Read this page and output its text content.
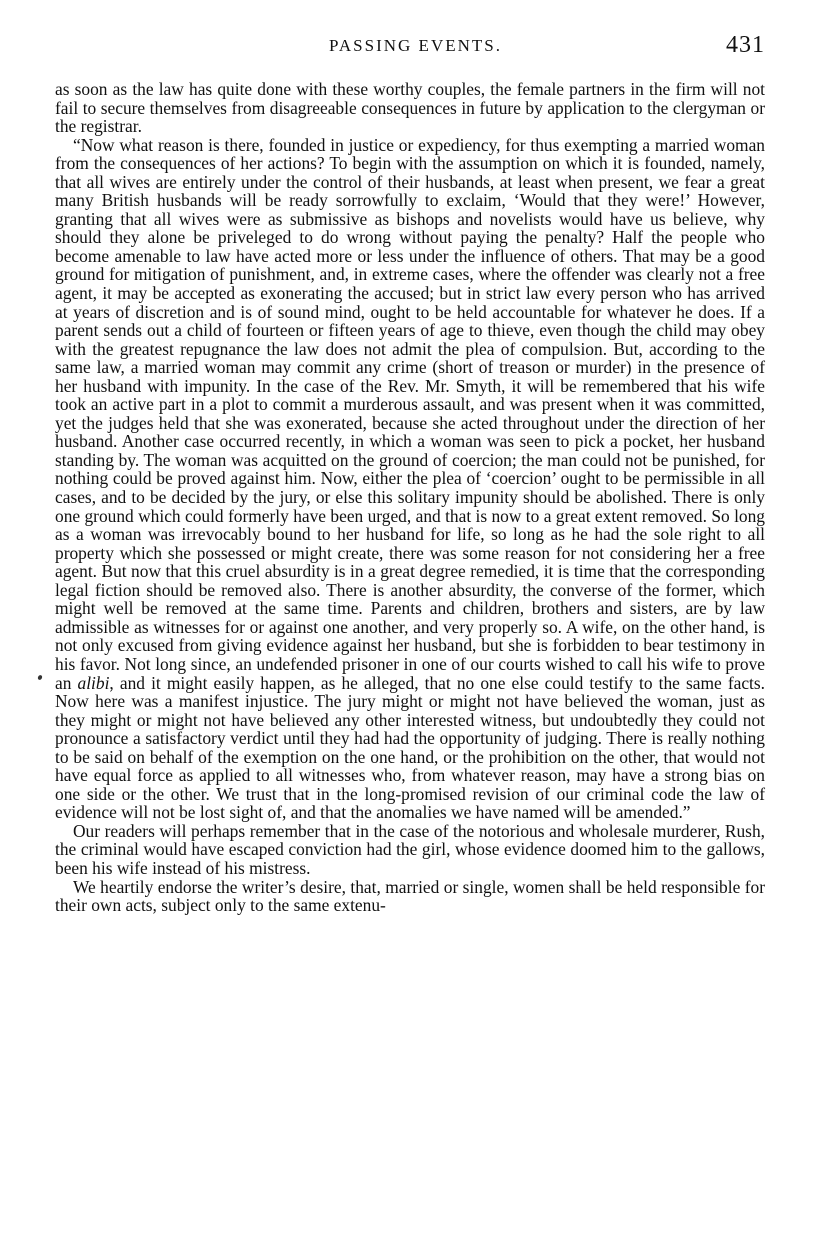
PASSING EVENTS.	431

as soon as the law has quite done with these worthy couples, the female partners in the firm will not fail to secure themselves from disagreeable consequences in future by application to the clergyman or the registrar.

“Now what reason is there, founded in justice or expediency, for thus exempting a married woman from the consequences of her actions? To begin with the assumption on which it is founded, namely, that all wives are entirely under the control of their husbands, at least when present, we fear a great many British husbands will be ready sorrowfully to exclaim, ‘Would that they were!’ However, granting that all wives were as submissive as bishops and novelists would have us believe, why should they alone be priveleged to do wrong without paying the penalty? Half the people who become amenable to law have acted more or less under the influence of others. That may be a good ground for mitigation of punishment, and, in extreme cases, where the offender was clearly not a free agent, it may be accepted as exonerating the accused; but in strict law every person who has arrived at years of discretion and is of sound mind, ought to be held accountable for whatever he does. If a parent sends out a child of fourteen or fifteen years of age to thieve, even though the child may obey with the greatest repugnance the law does not admit the plea of compulsion. But, according to the same law, a married woman may commit any crime (short of treason or murder) in the presence of her husband with impunity. In the case of the Rev. Mr. Smyth, it will be remembered that his wife took an active part in a plot to commit a murderous assault, and was present when it was committed, yet the judges held that she was exonerated, because she acted throughout under the direction of her husband. Another case occurred recently, in which a woman was seen to pick a pocket, her husband standing by. The woman was acquitted on the ground of coercion; the man could not be punished, for nothing could be proved against him. Now, either the plea of ‘coercion’ ought to be permissible in all cases, and to be decided by the jury, or else this solitary impunity should be abolished. There is only one ground which could formerly have been urged, and that is now to a great extent removed. So long as a woman was irrevocably bound to her husband for life, so long as he had the sole right to all property which she possessed or might create, there was some reason for not considering her a free agent. But now that this cruel absurdity is in a great degree remedied, it is time that the corresponding legal fiction should be removed also. There is another absurdity, the converse of the former, which might well be removed at the same time. Parents and children, brothers and sisters, are by law admissible as witnesses for or against one another, and very properly so. A wife, on the other hand, is not only excused from giving evidence against her husband, but she is forbidden to bear testimony in his favor. Not long since, an undefended prisoner in one of our courts wished to call his wife to prove an alibi, and it might easily happen, as he alleged, that no one else could testify to the same facts. Now here was a manifest injustice. The jury might or might not have believed the woman, just as they might or might not have believed any other interested witness, but undoubtedly they could not pronounce a satisfactory verdict until they had had the opportunity of judging. There is really nothing to be said on behalf of the exemption on the one hand, or the prohibition on the other, that would not have equal force as applied to all witnesses who, from whatever reason, may have a strong bias on one side or the other. We trust that in the long-promised revision of our criminal code the law of evidence will not be lost sight of, and that the anomalies we have named will be amended.”

Our readers will perhaps remember that in the case of the notorious and wholesale murderer, Rush, the criminal would have escaped conviction had the girl, whose evidence doomed him to the gallows, been his wife instead of his mistress.

We heartily endorse the writer’s desire, that, married or single, women shall be held responsible for their own acts, subject only to the same extenu-
